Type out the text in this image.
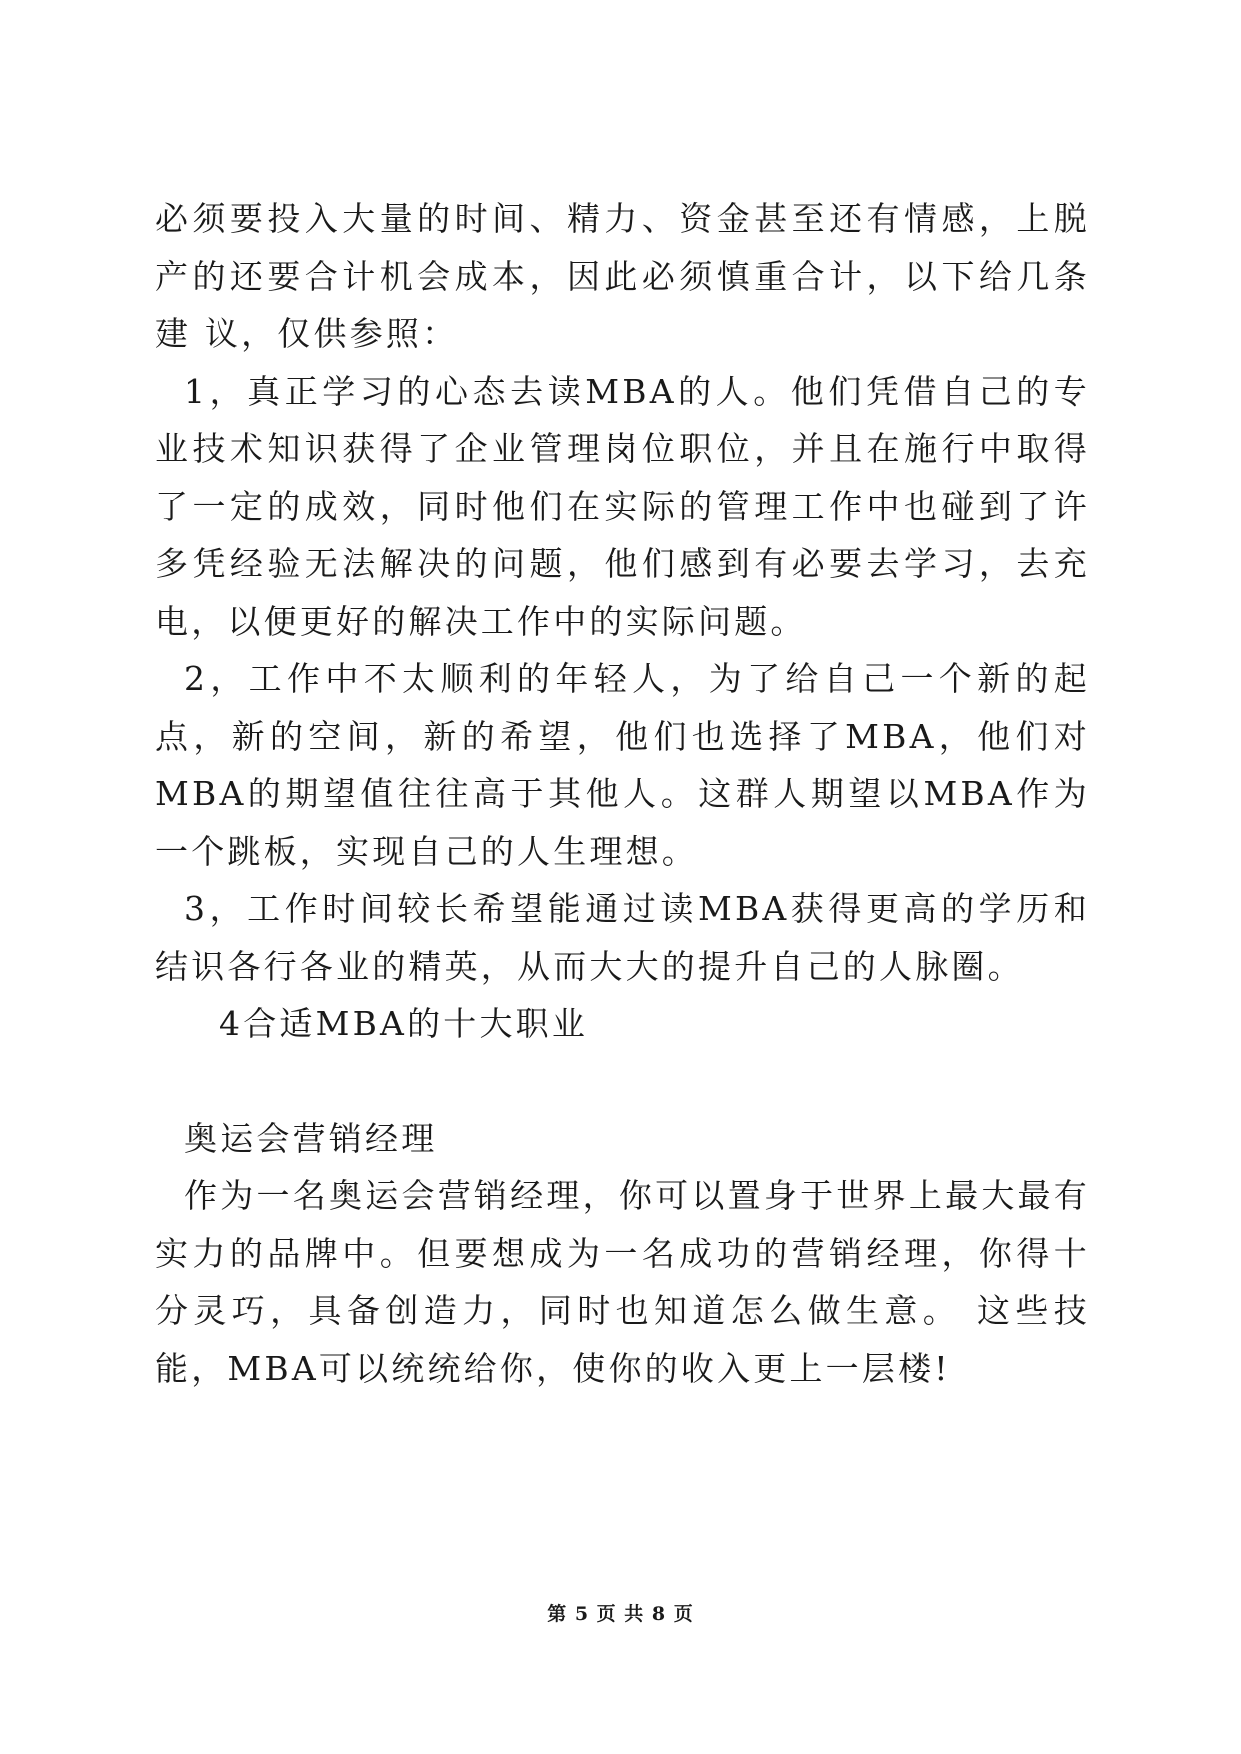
必须要投入大量的时间、精力、资金甚至还有情感，上脱产的还要合计机会成本，因此必须慎重合计，以下给几条建 议，仅供参照：

1，真正学习的心态去读MBA的人。他们凭借自己的专业技术知识获得了企业管理岗位职位，并且在施行中取得了一定的成效，同时他们在实际的管理工作中也碰到了许多凭经验无法解决的问题，他们感到有必要去学习，去充电，以便更好的解决工作中的实际问题。

2，工作中不太顺利的年轻人，为了给自己一个新的起点，新的空间，新的希望，他们也选择了MBA，他们对MBA的期望值往往高于其他人。这群人期望以MBA作为一个跳板，实现自己的人生理想。

3，工作时间较长希望能通过读MBA获得更高的学历和结识各行各业的精英，从而大大的提升自己的人脉圈。

4合适MBA的十大职业

奥运会营销经理

作为一名奥运会营销经理，你可以置身于世界上最大最有实力的品牌中。但要想成为一名成功的营销经理，你得十分灵巧，具备创造力，同时也知道怎么做生意。 这些技能，MBA可以统统给你，使你的收入更上一层楼!

第 5 页 共 8 页
